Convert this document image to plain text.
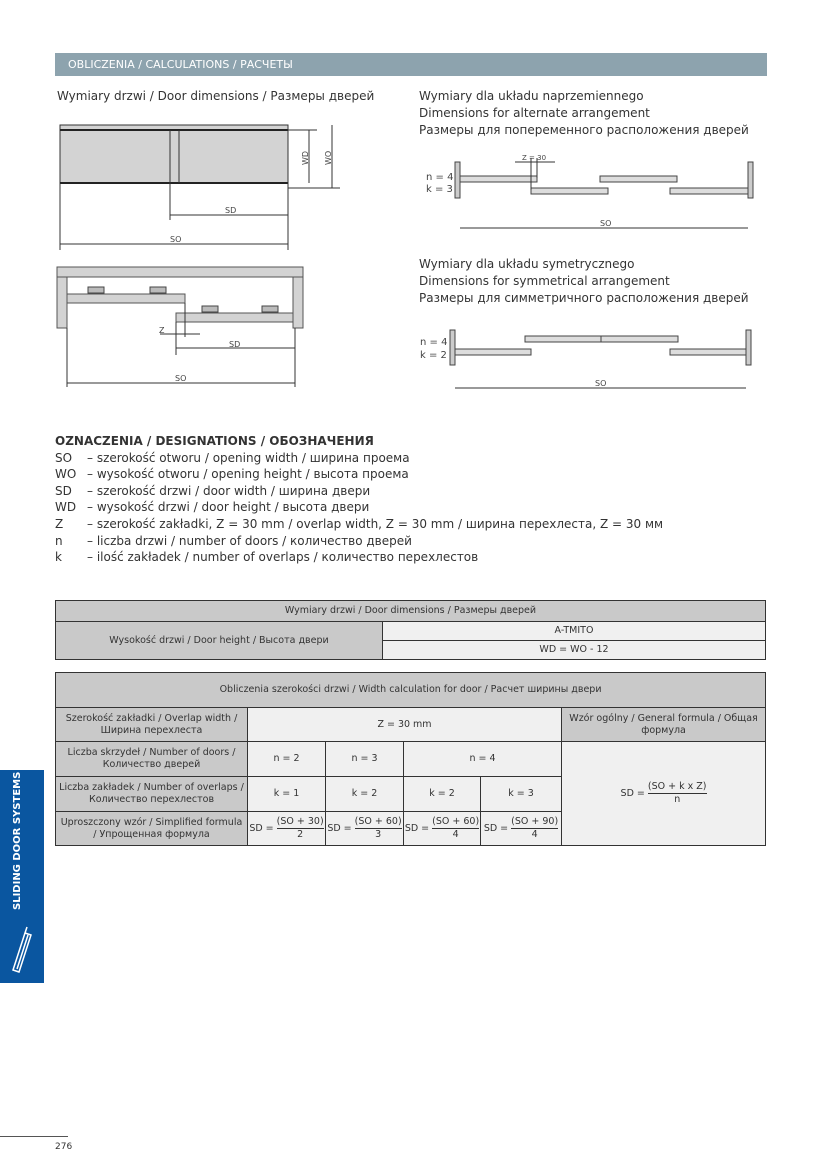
OBLICZENIA / CALCULATIONS / РАСЧЕТЫ
Wymiary drzwi / Door dimensions / Размеры дверей	Wymiary dla układu naprzemiennego
Dimensions for alternate arrangement
Размеры для попеременного расположения дверей
Wymiary dla układu symetrycznego
Dimensions for symmetrical arrangement
Размеры для симметричного расположения дверей
SD
SO
WD WO
Z
SD
SO
Z = 30
SO
n = 4
k = 3
SO
n = 4
k = 2
OZNACZENIA / DESIGNATIONS / ОБОЗНАЧЕНИЯ
SO	– szerokość otworu / opening width / ширина проема
WO – wysokość otworu / opening height / высота проема
SD	– szerokość drzwi / door width / ширина двери
WD – wysokość drzwi / door height / высота двери
Z	– szerokość zakładki, Z = 30 mm / overlap width, Z = 30 mm / ширина перехлеста, Z = 30 мм
n	– liczba drzwi / number of doors / количество дверей
k	– ilość zakładek / number of overlaps / количество перехлестов
Wymiary drzwi / Door dimensions / Размеры дверей
Wysokość drzwi / Door height / Высота двери	A-TMITO
WD = WO - 12
Obliczenia szerokości drzwi / Width calculation for door / Расчет ширины двери					
Szerokość zakładki / Overlap width / Ширина перехлеста	Z = 30 mm				Wzór ogólny / General formula / Общая формула
Liczba skrzydeł / Number of doors / Количество дверей	n = 2	n = 3	n = 4		SD = $\frac{\text{(SO + k x Z)}}{n}$

Liczba zakładek / Number of overlaps / Количество перехлестов	k = 1	k = 2	k = 2	k = 3	
Uproszczony wzór / Simplified formula / Упрощенная формула	SD = $\frac{(SO + 30)}{2}$	SD = $\frac{(SO + 60)}{3}$	SD = $\frac{(SO + 60)}{4}$	SD = $\frac{(SO + 90)}{4}$
SLIDING DOOR SYSTEMS
276
